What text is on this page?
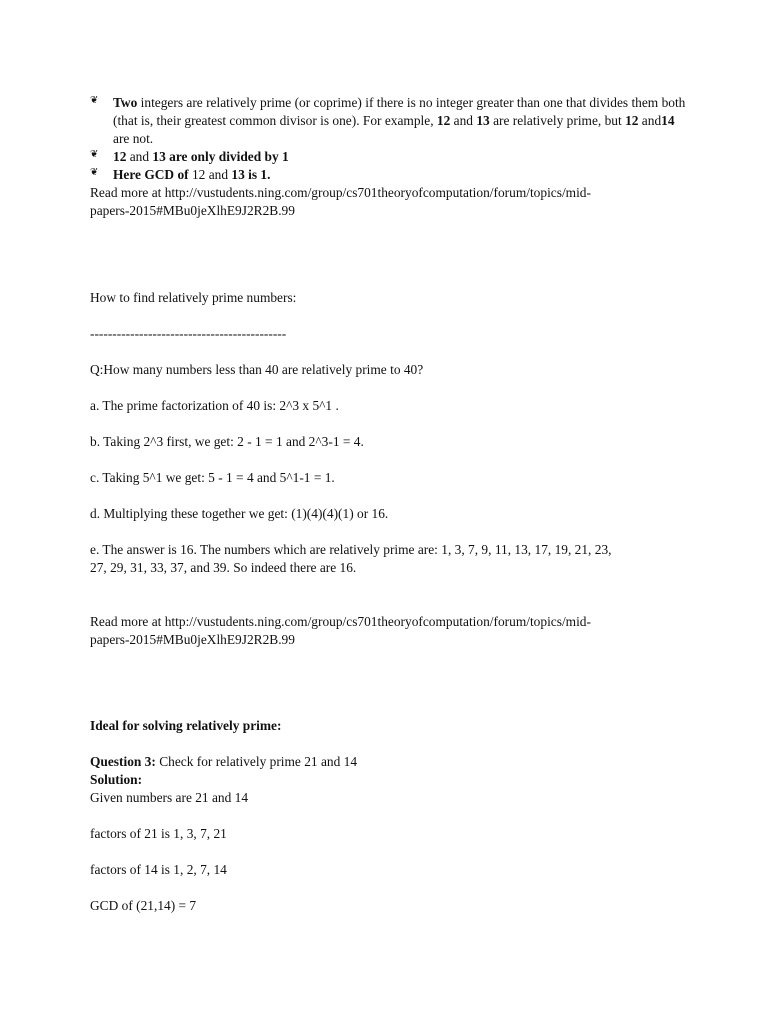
❦ Two integers are relatively prime (or coprime) if there is no integer greater than one that divides them both (that is, their greatest common divisor is one). For example, 12 and 13 are relatively prime, but 12 and14 are not.
❦ 12 and 13 are only divided by 1
❦ Here GCD of 12 and 13 is 1.
Read more at http://vustudents.ning.com/group/cs701theoryofcomputation/forum/topics/mid-
papers-2015#MBu0jeXlhE9J2R2B.99
How to find relatively prime numbers:
--------------------------------------------
Q:How many numbers less than 40 are relatively prime to 40?
a. The prime factorization of 40 is: 2^3 x 5^1 .
b. Taking 2^3 first, we get: 2 - 1 = 1 and 2^3-1 = 4.
c. Taking 5^1 we get: 5 - 1 = 4 and 5^1-1 = 1.
d. Multiplying these together we get: (1)(4)(4)(1) or 16.
e. The answer is 16. The numbers which are relatively prime are: 1, 3, 7, 9, 11, 13, 17, 19, 21, 23,
27, 29, 31, 33, 37, and 39. So indeed there are 16.
Read more at http://vustudents.ning.com/group/cs701theoryofcomputation/forum/topics/mid-
papers-2015#MBu0jeXlhE9J2R2B.99
Ideal for solving relatively prime:
Question 3: Check for relatively prime 21 and 14
Solution:
Given numbers are 21 and 14
factors of 21 is 1, 3, 7, 21
factors of 14 is 1, 2, 7, 14
GCD of (21,14) = 7
